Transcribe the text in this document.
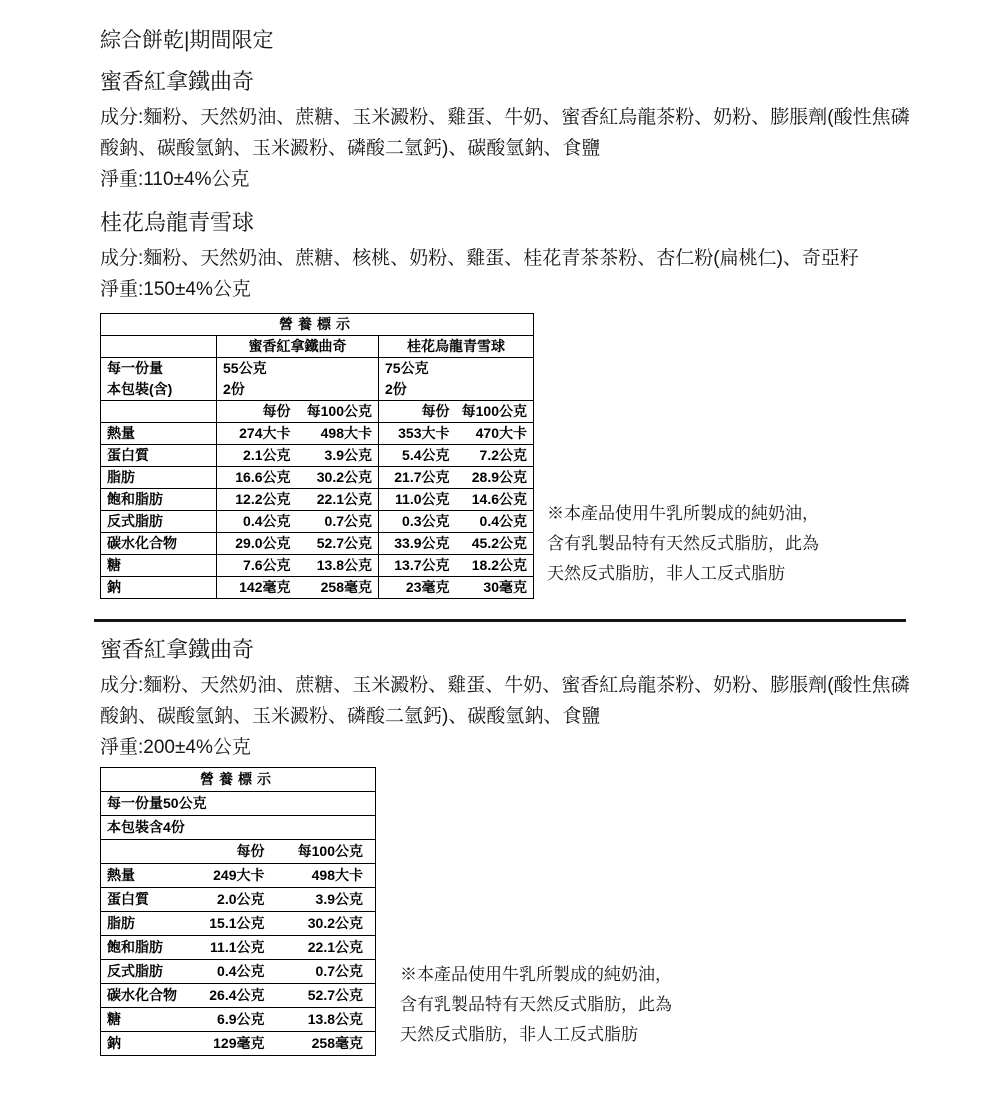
綜合餅乾|期間限定
蜜香紅拿鐵曲奇
成分:麵粉、天然奶油、蔗糖、玉米澱粉、雞蛋、牛奶、蜜香紅烏龍茶粉、奶粉、膨脹劑(酸性焦磷酸鈉、碳酸氫鈉、玉米澱粉、磷酸二氫鈣)、碳酸氫鈉、食鹽
淨重:110±4%公克
桂花烏龍青雪球
成分:麵粉、天然奶油、蔗糖、核桃、奶粉、雞蛋、桂花青茶茶粉、杏仁粉(扁桃仁)、奇亞籽
淨重:150±4%公克
營養標示				
	蜜香紅拿鐵曲奇		桂花烏龍青雪球	
每一份量	55公克		75公克	
本包裝(含)	2份		2份	
	每份	每100公克	每份	每100公克
熱量	274大卡	498大卡	353大卡	470大卡
蛋白質	2.1公克	3.9公克	5.4公克	7.2公克
脂肪	16.6公克	30.2公克	21.7公克	28.9公克
飽和脂肪	12.2公克	22.1公克	11.0公克	14.6公克
反式脂肪	0.4公克	0.7公克	0.3公克	0.4公克
碳水化合物	29.0公克	52.7公克	33.9公克	45.2公克
糖	7.6公克	13.8公克	13.7公克	18.2公克
鈉	142毫克	258毫克	23毫克	30毫克
※本產品使用牛乳所製成的純奶油，
含有乳製品特有天然反式脂肪，此為
天然反式脂肪，非人工反式脂肪
蜜香紅拿鐵曲奇
成分:麵粉、天然奶油、蔗糖、玉米澱粉、雞蛋、牛奶、蜜香紅烏龍茶粉、奶粉、膨脹劑(酸性焦磷酸鈉、碳酸氫鈉、玉米澱粉、磷酸二氫鈣)、碳酸氫鈉、食鹽
淨重:200±4%公克
營養標示		
每一份量50公克		
本包裝含4份		
	每份	每100公克
熱量	249大卡	498大卡
蛋白質	2.0公克	3.9公克
脂肪	15.1公克	30.2公克
飽和脂肪	11.1公克	22.1公克
反式脂肪	0.4公克	0.7公克
碳水化合物	26.4公克	52.7公克
糖	6.9公克	13.8公克
鈉	129毫克	258毫克
※本產品使用牛乳所製成的純奶油，
含有乳製品特有天然反式脂肪，此為
天然反式脂肪，非人工反式脂肪
